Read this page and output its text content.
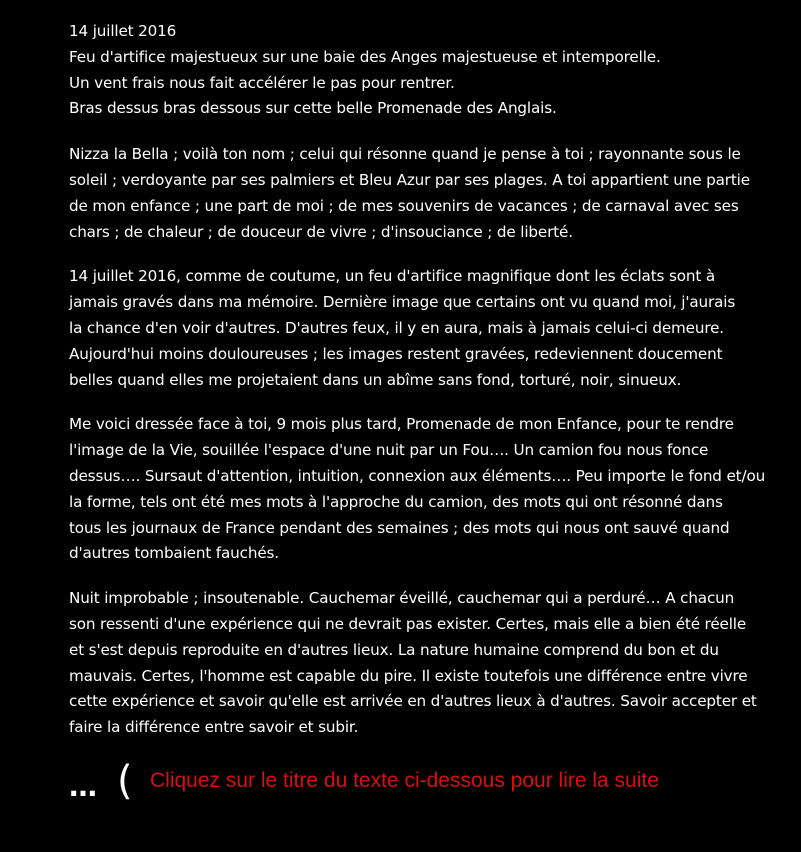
14 juillet 2016
Feu d'artifice majestueux sur une baie des Anges majestueuse et intemporelle.
Un vent frais nous fait accélérer le pas pour rentrer.
Bras dessus bras dessous sur cette belle Promenade des Anglais.

Nizza la Bella ; voilà ton nom ; celui qui résonne quand je pense à toi ; rayonnante sous le
soleil ; verdoyante par ses palmiers et Bleu Azur par ses plages. A toi appartient une partie
de mon enfance ; une part de moi ; de mes souvenirs de vacances ; de carnaval avec ses
chars ; de chaleur ; de douceur de vivre ; d'insouciance ; de liberté.

14 juillet 2016, comme de coutume, un feu d'artifice magnifique dont les éclats sont à
jamais gravés dans ma mémoire. Dernière image que certains ont vu quand moi, j'aurais
la chance d'en voir d'autres. D'autres feux, il y en aura, mais à jamais celui-ci demeure.
Aujourd'hui moins douloureuses ; les images restent gravées, redeviennent doucement
belles quand elles me projetaient dans un abîme sans fond, torturé, noir, sinueux.

Me voici dressée face à toi, 9 mois plus tard, Promenade de mon Enfance, pour te rendre
l'image de la Vie, souillée l'espace d'une nuit par un Fou…. Un camion fou nous fonce
dessus…. Sursaut d'attention, intuition, connexion aux éléments…. Peu importe le fond et/ou
la forme, tels ont été mes mots à l'approche du camion, des mots qui ont résonné dans
tous les journaux de France pendant des semaines ; des mots qui nous ont sauvé quand
d'autres tombaient fauchés.

Nuit improbable ; insoutenable. Cauchemar éveillé, cauchemar qui a perduré… A chacun
son ressenti d'une expérience qui ne devrait pas exister. Certes, mais elle a bien été réelle
et s'est depuis reproduite en d'autres lieux. La nature humaine comprend du bon et du
mauvais. Certes, l'homme est capable du pire. Il existe toutefois une différence entre vivre
cette expérience et savoir qu'elle est arrivée en d'autres lieux à d'autres. Savoir accepter et
faire la différence entre savoir et subir.

… ( Cliquez sur le titre du texte ci-dessous pour lire la suite
